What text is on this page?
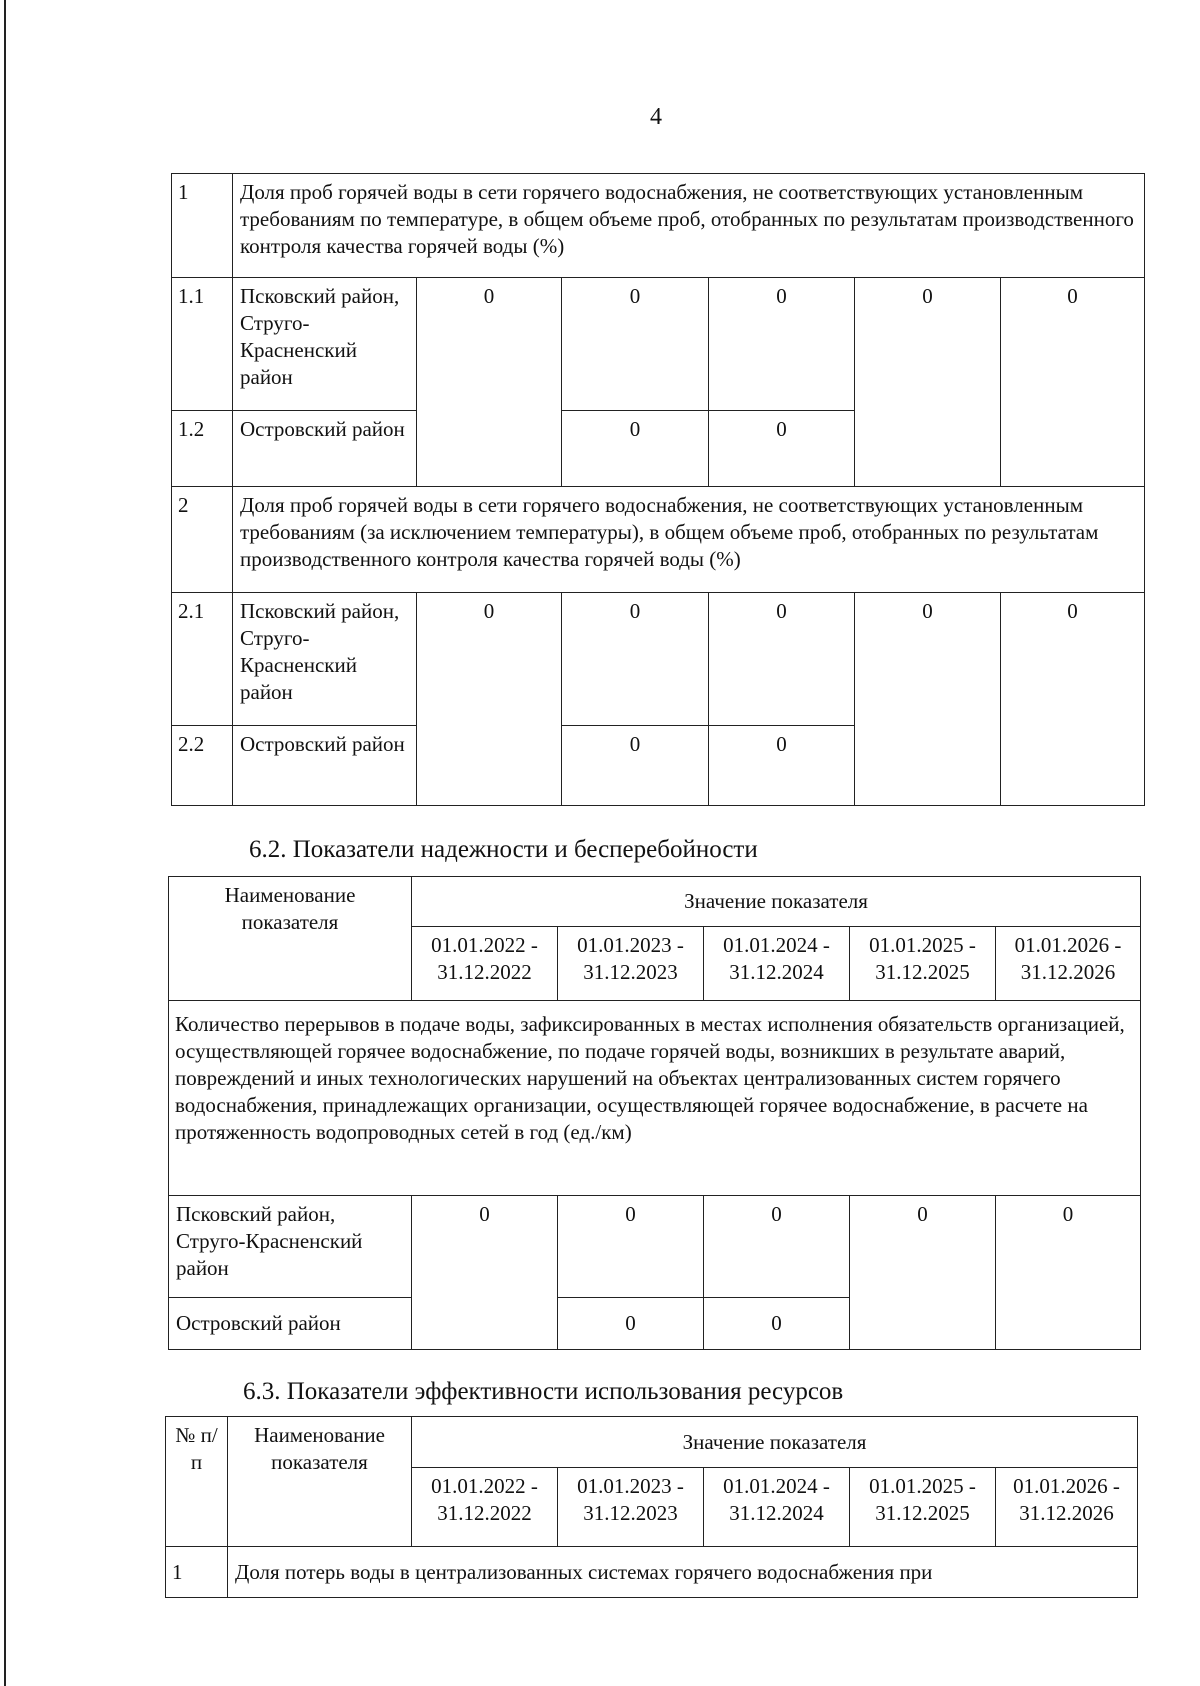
4
1	Доля проб горячей воды в сети горячего водоснабжения, не соответствующих установленным требованиям по температуре, в общем объеме проб, отобранных по результатам производственного контроля качества горячей воды (%)					
1.1	Псковский район, Струго-Красненский район	0	0	0	0	0
1.2	Островский район		0	0		
2	Доля проб горячей воды в сети горячего водоснабжения, не соответствующих установленным требованиям (за исключением температуры), в общем объеме проб, отобранных по результатам производственного контроля качества горячей воды (%)					
2.1	Псковский район, Струго-Красненский район	0	0	0	0	0
2.2	Островский район		0	0		
6.2. Показатели надежности и бесперебойности
Наименование показателя	Значение показателя				
	01.01.2022 - 31.12.2022	01.01.2023 - 31.12.2023	01.01.2024 - 31.12.2024	01.01.2025 - 31.12.2025	01.01.2026 - 31.12.2026
Количество перерывов в подаче воды, зафиксированных в местах исполнения обязательств организацией, осуществляющей горячее водоснабжение, по подаче горячей воды, возникших в результате аварий, повреждений и иных технологических нарушений на объектах централизованных систем горячего водоснабжения, принадлежащих организации, осуществляющей горячее водоснабжение, в расчете на протяженность водопроводных сетей в год (ед./км)					
Псковский район, Струго-Красненский район	0	0	0	0	0
Островский район		0	0		
6.3. Показатели эффективности использования ресурсов
№ п/п	Наименование показателя	Значение показателя				
		01.01.2022 - 31.12.2022	01.01.2023 - 31.12.2023	01.01.2024 - 31.12.2024	01.01.2025 - 31.12.2025	01.01.2026 - 31.12.2026
1	Доля потерь воды в централизованных системах горячего водоснабжения при					
